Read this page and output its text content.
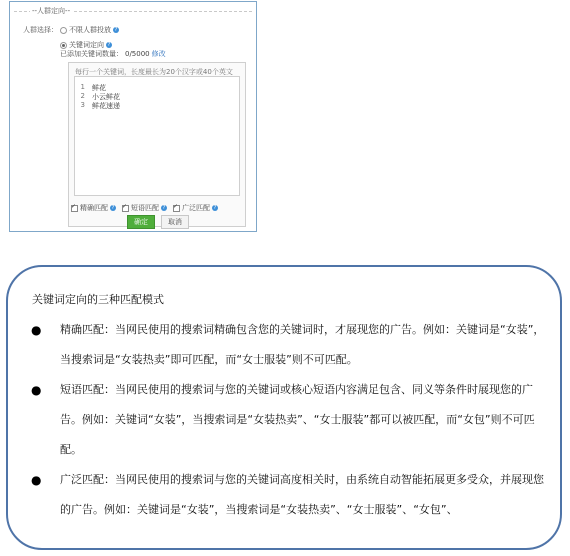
--人群定向--
人群选择： 不限人群投放 ?
关键词定向 ?
已添加关键词数量： 0/5000 修改
每行一个关键词，长度最长为20个汉字或40个英文
1 鲜花
2 小云鲜花
3 鲜花速递
✓
精确匹配 ? ✓ 短语匹配 ? ✓ 广泛匹配 ?
确定	取消
关键词定向的三种匹配模式
●	精确匹配：当网民使用的搜索词精确包含您的关键词时，才展现您的广告。例如：关键词是“女装”，当搜索词是“女装热卖”即可匹配，而“女士服装”则不可匹配。
●	短语匹配：当网民使用的搜索词与您的关键词或核心短语内容满足包含、同义等条件时展现您的广告。例如：关键词“女装”，当搜索词是“女装热卖”、“女士服装”都可以被匹配，而“女包”则不可匹配。
●	广泛匹配：当网民使用的搜索词与您的关键词高度相关时，由系统自动智能拓展更多受众，并展现您的广告。例如：关键词是“女装”，当搜索词是“女装热卖”、“女士服装”、“女包”、
